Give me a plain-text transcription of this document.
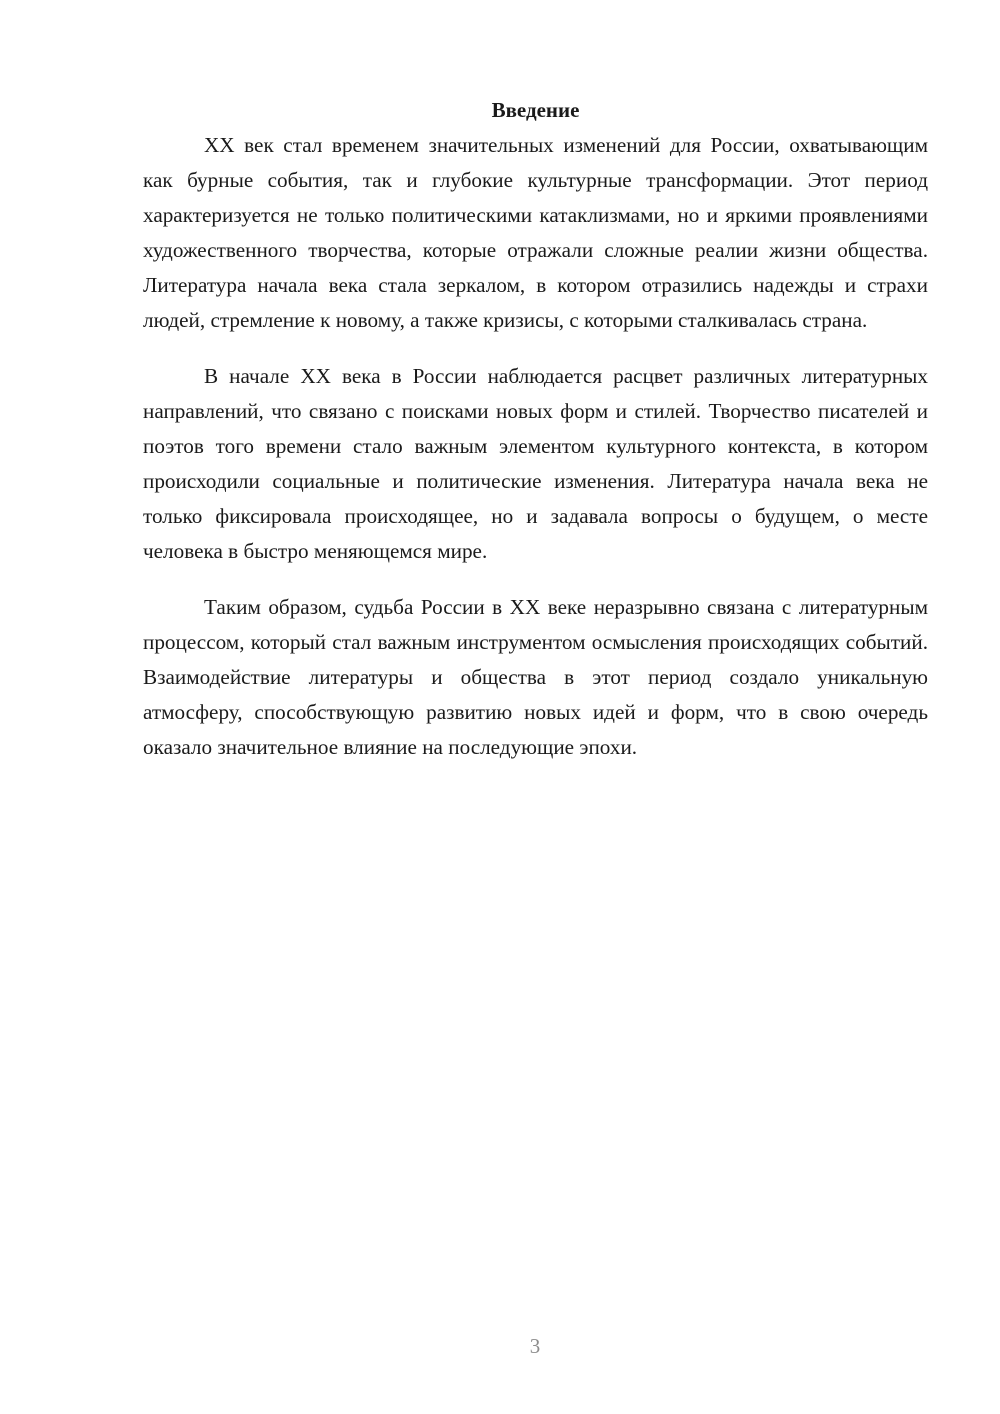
Введение

XX век стал временем значительных изменений для России, охватывающим как бурные события, так и глубокие культурные трансформации. Этот период характеризуется не только политическими катаклизмами, но и яркими проявлениями художественного творчества, которые отражали сложные реалии жизни общества. Литература начала века стала зеркалом, в котором отразились надежды и страхи людей, стремление к новому, а также кризисы, с которыми сталкивалась страна.

В начале XX века в России наблюдается расцвет различных литературных направлений, что связано с поисками новых форм и стилей. Творчество писателей и поэтов того времени стало важным элементом культурного контекста, в котором происходили социальные и политические изменения. Литература начала века не только фиксировала происходящее, но и задавала вопросы о будущем, о месте человека в быстро меняющемся мире.

Таким образом, судьба России в XX веке неразрывно связана с литературным процессом, который стал важным инструментом осмысления происходящих событий. Взаимодействие литературы и общества в этот период создало уникальную атмосферу, способствующую развитию новых идей и форм, что в свою очередь оказало значительное влияние на последующие эпохи.

3
